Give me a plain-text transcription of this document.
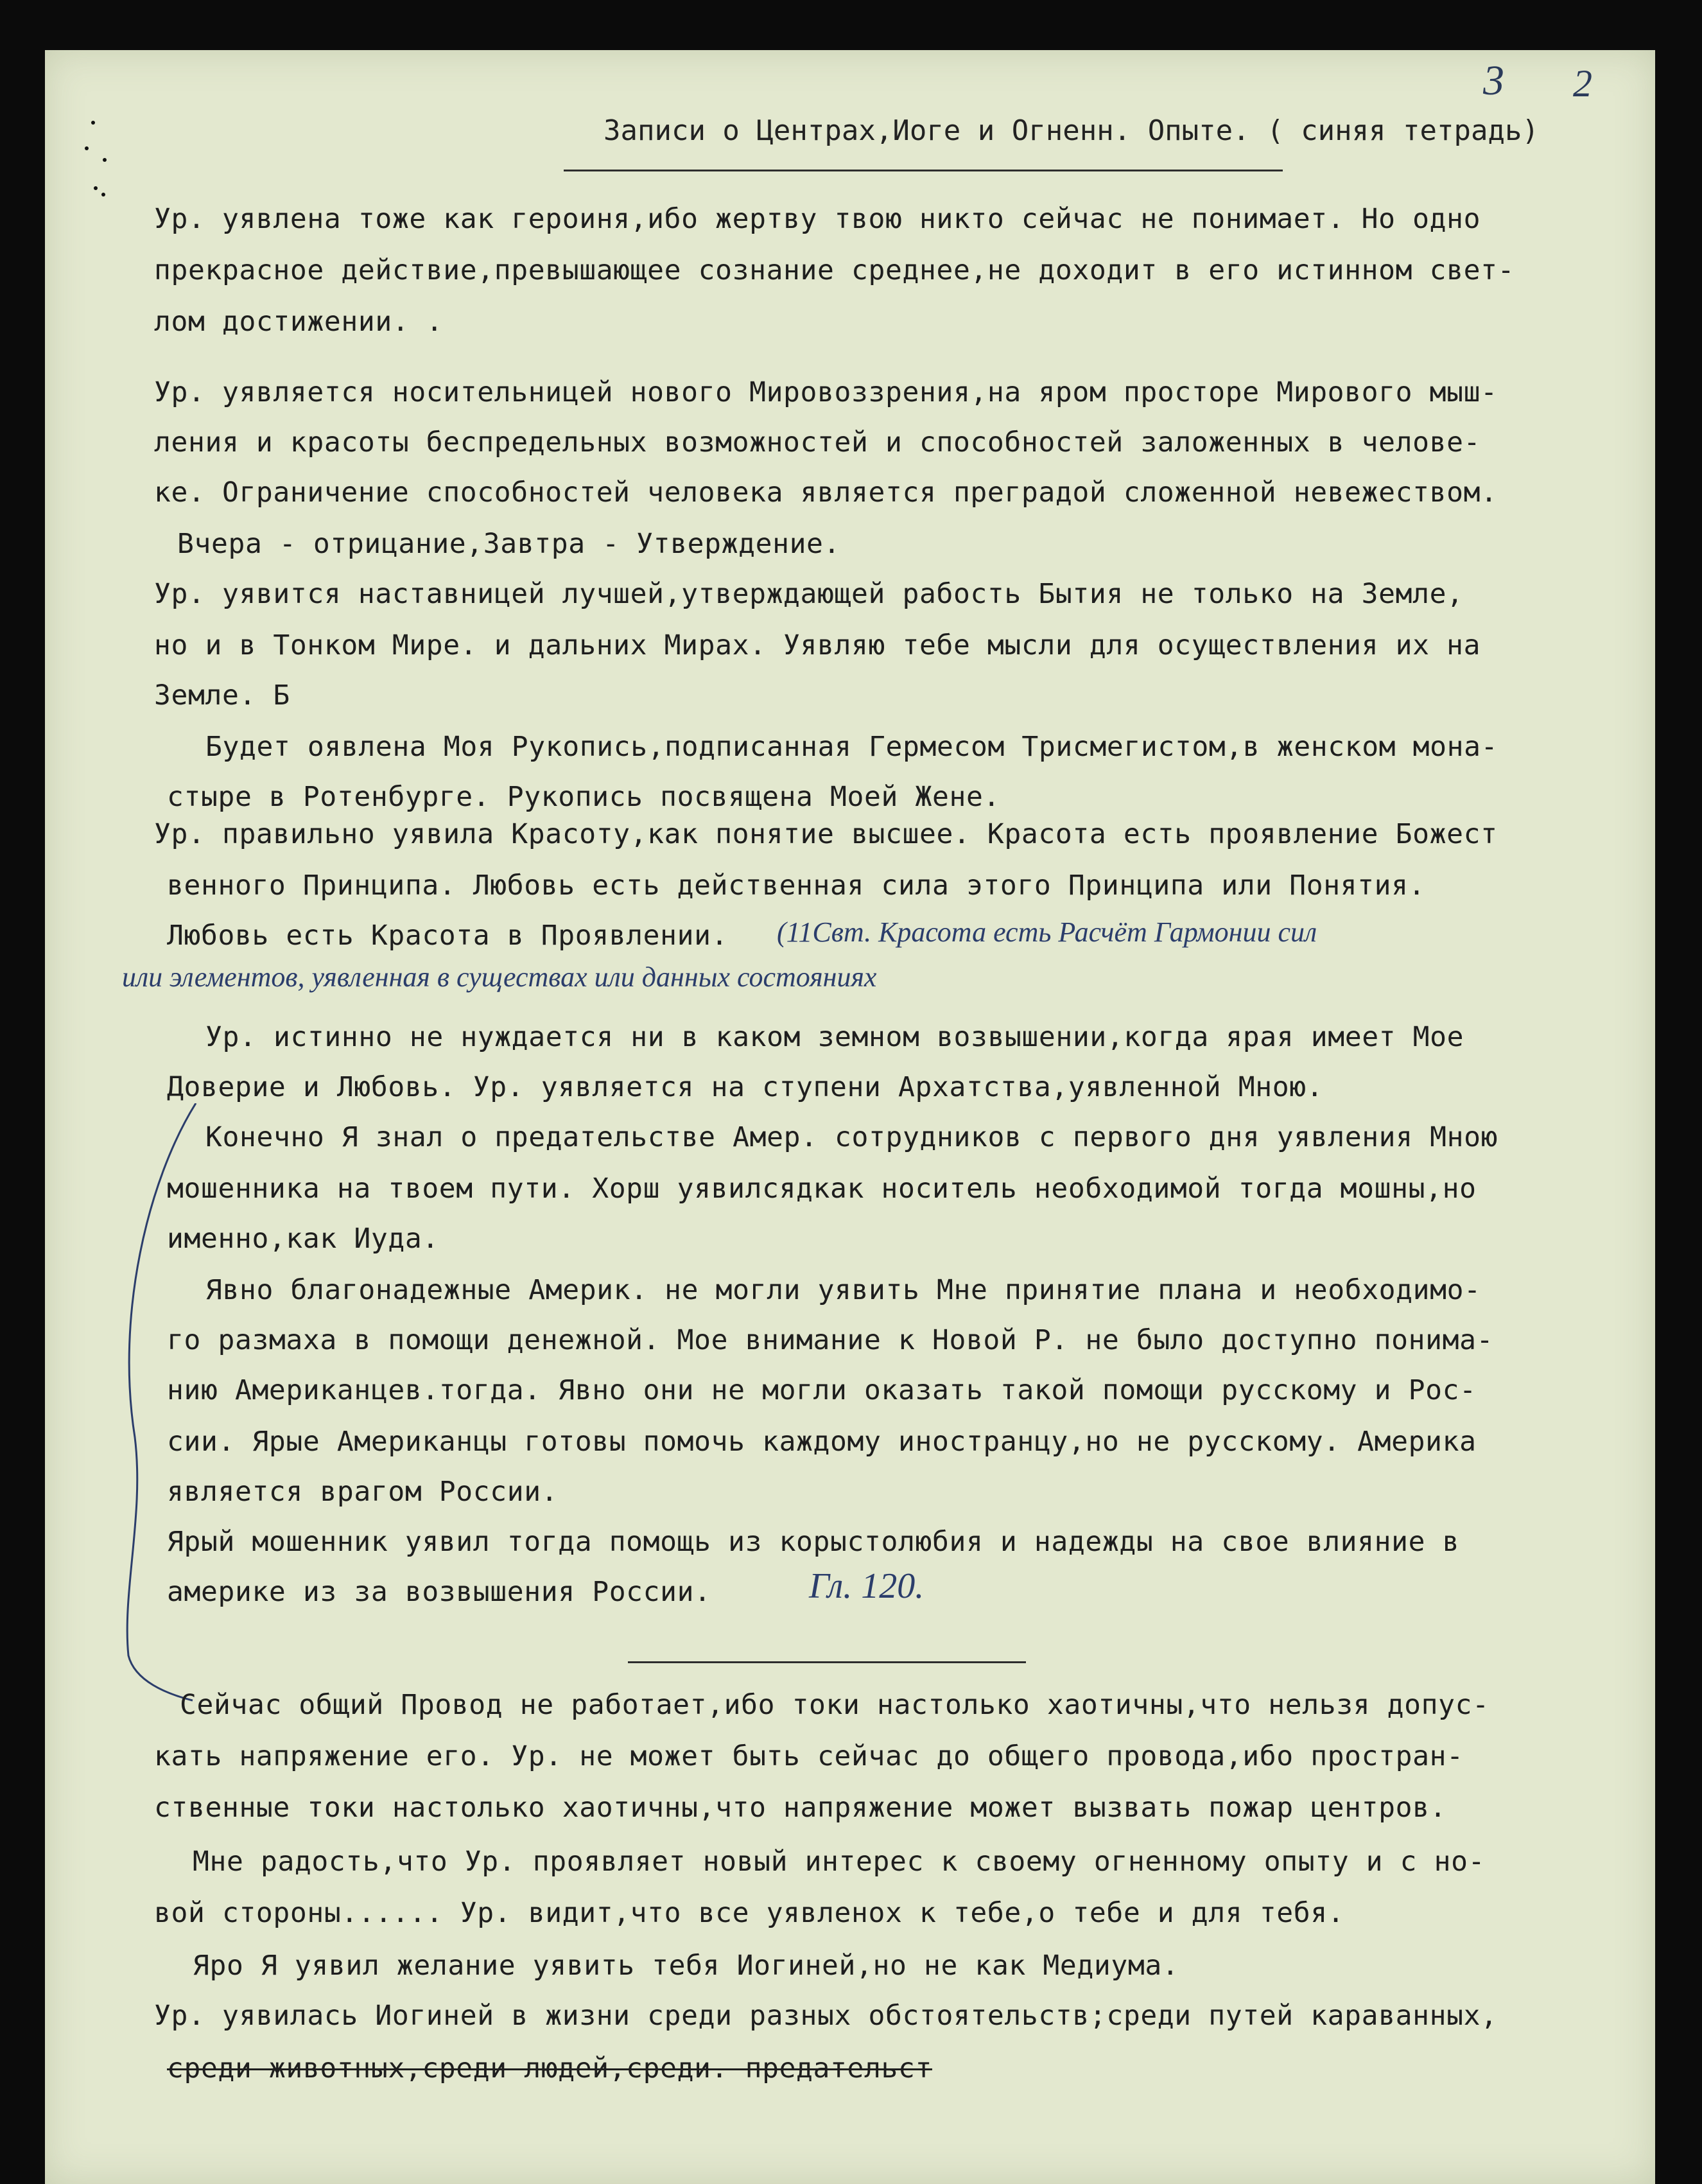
3 2
Записи о Центрах,Иоге и Огненн. Опыте. ( синяя тетрадь)
Ур. уявлена тоже как героиня,ибо жертву твою никто сейчас не понимает. Но одно
прекрасное действие,превышающее сознание среднее,не доходит в его истинном свет-
лом достижении. .
Ур. уявляется носительницей нового Мировоззрения,на яром просторе Мирового мыш-
ления и красоты беспредельных возможностей и способностей заложенных в челове-
ке. Ограничение способностей человека является преградой сложенной невежеством.
Вчера - отрицание,Завтра - Утверждение.
Ур. уявится наставницей лучшей,утверждающей рабость Бытия не только на Земле,
но и в Тонком Мире. и дальних Мирах. Уявляю тебе мысли для осуществления их на
Земле. Б
Будет оявлена Моя Рукопись,подписанная Гермесом Трисмегистом,в женском мона-
стыре в Ротенбурге. Рукопись посвящена Моей Жене.
Ур. правильно уявила Красоту,как понятие высшее. Красота есть проявление Божест
венного Принципа. Любовь есть действенная сила этого Принципа или Понятия.
Любовь есть Красота в Проявлении. (11Свт. Красота есть Расчёт Гармонии сил
или элементов, уявленная в существах или данных состояниях
Ур. истинно не нуждается ни в каком земном возвышении,когда ярая имеет Мое
Доверие и Любовь. Ур. уявляется на ступени Архатства,уявленной Мною.
Конечно Я знал о предательстве Амер. сотрудников с первого дня уявления Мною
мошенника на твоем пути. Хорш уявилсядкак носитель необходимой тогда мошны,но
именно,как Иуда.
Явно благонадежные Америк. не могли уявить Мне принятие плана и необходимо-
го размаха в помощи денежной. Мое внимание к Новой Р. не было доступно понима-
нию Американцев.тогда. Явно они не могли оказать такой помощи русскому и Рос-
сии. Ярые Американцы готовы помочь каждому иностранцу,но не русскому. Америка
является врагом России.
Ярый мошенник уявил тогда помощь из корыстолюбия и надежды на свое влияние в
америке из за возвышения России.	Гл. 120.
Сейчас общий Провод не работает,ибо токи настолько хаотичны,что нельзя допус-
кать напряжение его. Ур. не может быть сейчас до общего провода,ибо простран-
ственные токи настолько хаотичны,что напряжение может вызвать пожар центров.
Мне радость,что Ур. проявляет новый интерес к своему огненному опыту и с но-
вой стороны...... Ур. видит,что все уявленох к тебе,о тебе и для тебя.
Яро Я уявил желание уявить тебя Иогиней,но не как Медиума.
Ур. уявилась Иогиней в жизни среди разных обстоятельств;среди путей караванных,
среди животных,среди людей,среди. предательст
